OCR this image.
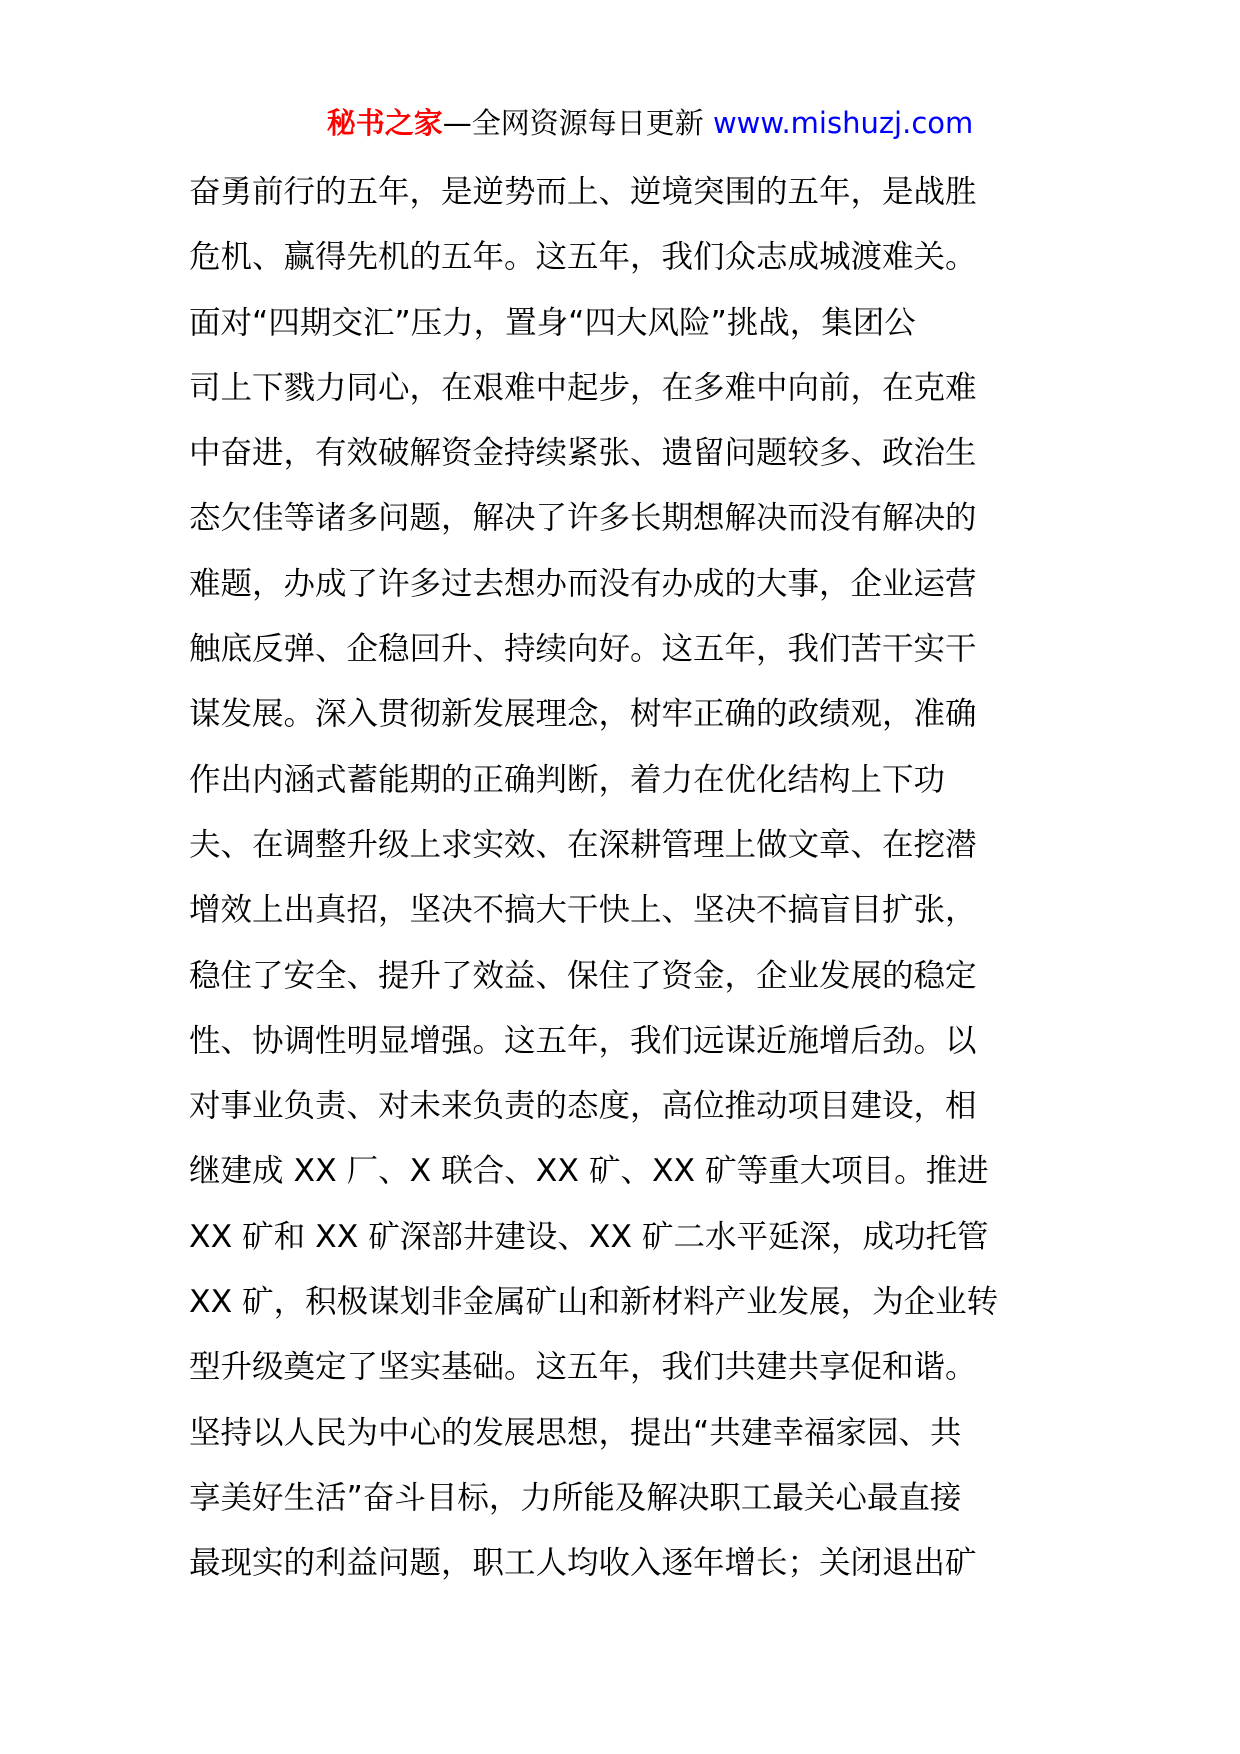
秘书之家—全网资源每日更新 www.mishuzj.com
奋勇前行的五年，是逆势而上、逆境突围的五年，是战胜
危机、赢得先机的五年。这五年，我们众志成城渡难关。
面对“四期交汇”压力，置身“四大风险”挑战，集团公
司上下戮力同心，在艰难中起步，在多难中向前，在克难
中奋进，有效破解资金持续紧张、遗留问题较多、政治生
态欠佳等诸多问题，解决了许多长期想解决而没有解决的
难题，办成了许多过去想办而没有办成的大事，企业运营
触底反弹、企稳回升、持续向好。这五年，我们苦干实干
谋发展。深入贯彻新发展理念，树牢正确的政绩观，准确
作出内涵式蓄能期的正确判断，着力在优化结构上下功
夫、在调整升级上求实效、在深耕管理上做文章、在挖潜
增效上出真招，坚决不搞大干快上、坚决不搞盲目扩张，
稳住了安全、提升了效益、保住了资金，企业发展的稳定
性、协调性明显增强。这五年，我们远谋近施增后劲。以
对事业负责、对未来负责的态度，高位推动项目建设，相
继建成 XX 厂、X 联合、XX 矿、XX 矿等重大项目。推进
XX 矿和 XX 矿深部井建设、XX 矿二水平延深，成功托管
XX 矿，积极谋划非金属矿山和新材料产业发展，为企业转
型升级奠定了坚实基础。这五年，我们共建共享促和谐。
坚持以人民为中心的发展思想，提出“共建幸福家园、共
享美好生活”奋斗目标，力所能及解决职工最关心最直接
最现实的利益问题，职工人均收入逐年增长；关闭退出矿
